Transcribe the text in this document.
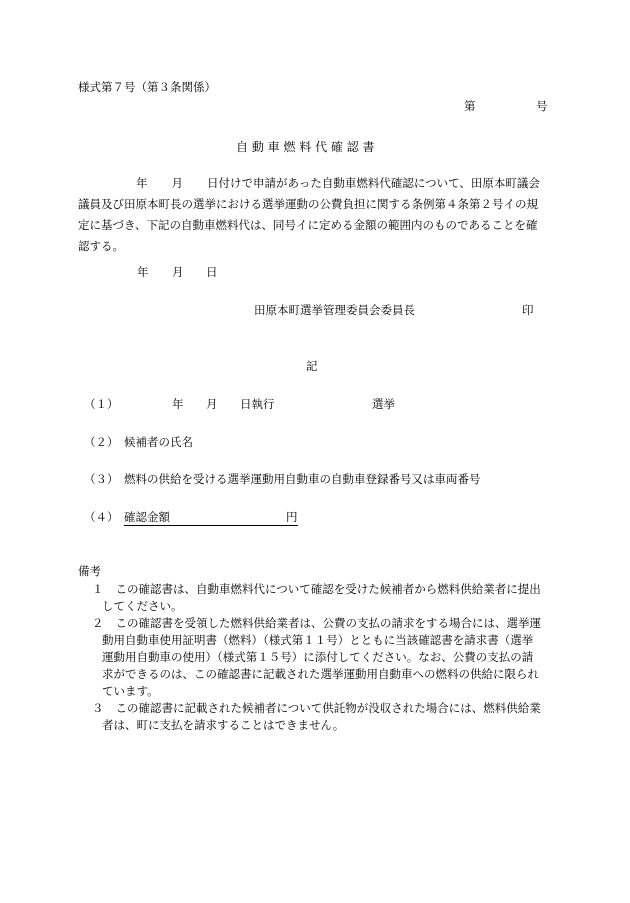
様式第７号（第３条関係）
第	号
自 動 車 燃 料 代 確 認 書
年 月 日付けで申請があった自動車燃料代確認について、田原本町議会
議員及び田原本町長の選挙における選挙運動の公費負担に関する条例第４条第２号イの規
定に基づき、下記の自動車燃料代は、同号イに定める金額の範囲内のものであることを確
認する。
年 月 日
田原本町選挙管理委員会委員長	印
記
（１）	年 月 日執行	選挙
（２） 候補者の氏名
（３） 燃料の供給を受ける選挙運動用自動車の自動車登録番号又は車両番号
（４） 確認金額	円
備考
１ この確認書は、自動車燃料代について確認を受けた候補者から燃料供給業者に提出
してください。
２ この確認書を受領した燃料供給業者は、公費の支払の請求をする場合には、選挙運
動用自動車使用証明書（燃料）（様式第１１号）とともに当該確認書を請求書（選挙
運動用自動車の使用）（様式第１５号）に添付してください。なお、公費の支払の請
求ができるのは、この確認書に記載された選挙運動用自動車への燃料の供給に限られ
ています。
３ この確認書に記載された候補者について供託物が没収された場合には、燃料供給業
者は、町に支払を請求することはできません。
